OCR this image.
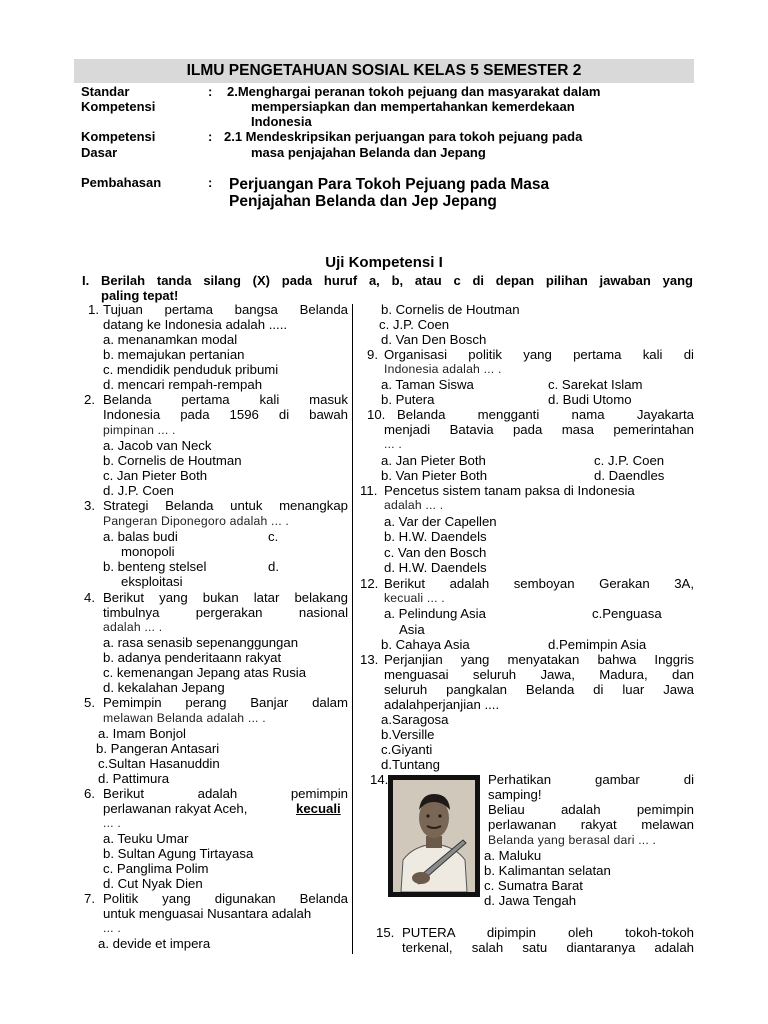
ILMU PENGETAHUAN SOSIAL KELAS 5 SEMESTER 2
Standar
Kompetensi
: 2.Menghargai peranan tokoh pejuang dan masyarakat dalam
mempersiapkan dan mempertahankan kemerdekaan
Indonesia
Kompetensi
Dasar
: 2.1 Mendeskripsikan perjuangan para tokoh pejuang pada
masa penjajahan Belanda dan Jepang
Pembahasan	: Perjuangan Para Tokoh Pejuang pada Masa
Penjajahan Belanda dan Jep Jepang
Uji Kompetensi I
I. Berilah tanda silang (X) pada huruf a, b, atau c di depan pilihan jawaban yang
paling tepat!
1. Tujuan pertama bangsa Belanda
datang ke Indonesia adalah .....
a. menanamkan modal
b. memajukan pertanian
c. mendidik penduduk pribumi
d. mencari rempah-rempah
2. Belanda pertama kali masuk
Indonesia pada 1596 di bawah
pimpinan ... .
a. Jacob van Neck
b. Cornelis de Houtman
c. Jan Pieter Both
d. J.P. Coen
3. Strategi Belanda untuk menangkap
Pangeran Diponegoro adalah ... .
a. balas budi	c.
monopoli
b. benteng stelsel	d.
eksploitasi
4. Berikut yang bukan latar belakang
timbulnya pergerakan nasional
adalah ... .
a. rasa senasib sepenanggungan
b. adanya penderitaann rakyat
c. kemenangan Jepang atas Rusia
d. kekalahan Jepang
5. Pemimpin perang Banjar dalam
melawan Belanda adalah ... .
a. Imam Bonjol
b. Pangeran Antasari
c.Sultan Hasanuddin
d. Pattimura
6. Berikut adalah pemimpin
perlawanan rakyat Aceh,	kecuali
... .
a. Teuku Umar
b. Sultan Agung Tirtayasa
c. Panglima Polim
d. Cut Nyak Dien
7. Politik yang digunakan Belanda
untuk menguasai Nusantara adalah
... .
a. devide et impera
b. Cornelis de Houtman
c. J.P. Coen
d. Van Den Bosch
9. Organisasi politik yang pertama kali di
Indonesia adalah ... .
a. Taman Siswa	c. Sarekat Islam
b. Putera	d. Budi Utomo
10. Belanda mengganti nama Jayakarta
menjadi Batavia pada masa pemerintahan
... .
a. Jan Pieter Both	c. J.P. Coen
b. Van Pieter Both	d. Daendles
11. Pencetus sistem tanam paksa di Indonesia
adalah ... .
a. Var der Capellen
b. H.W. Daendels
c. Van den Bosch
d. H.W. Daendels
12. Berikut adalah semboyan Gerakan 3A,
kecuali ... .
a. Pelindung Asia	c.Penguasa
Asia
b. Cahaya Asia	d.Pemimpin Asia
13. Perjanjian yang menyatakan bahwa Inggris
menguasai seluruh Jawa, Madura, dan
seluruh pangkalan Belanda di luar Jawa
adalahperjanjian ....
a.Saragosa
b.Versille
c.Giyanti
d.Tuntang
14.	Perhatikan gambar di
samping!
Beliau adalah pemimpin
perlawanan rakyat melawan
Belanda yang berasal dari ... .
a. Maluku
b. Kalimantan selatan
c. Sumatra Barat
d. Jawa Tengah
15. PUTERA dipimpin oleh tokoh-tokoh
terkenal, salah satu diantaranya adalah
